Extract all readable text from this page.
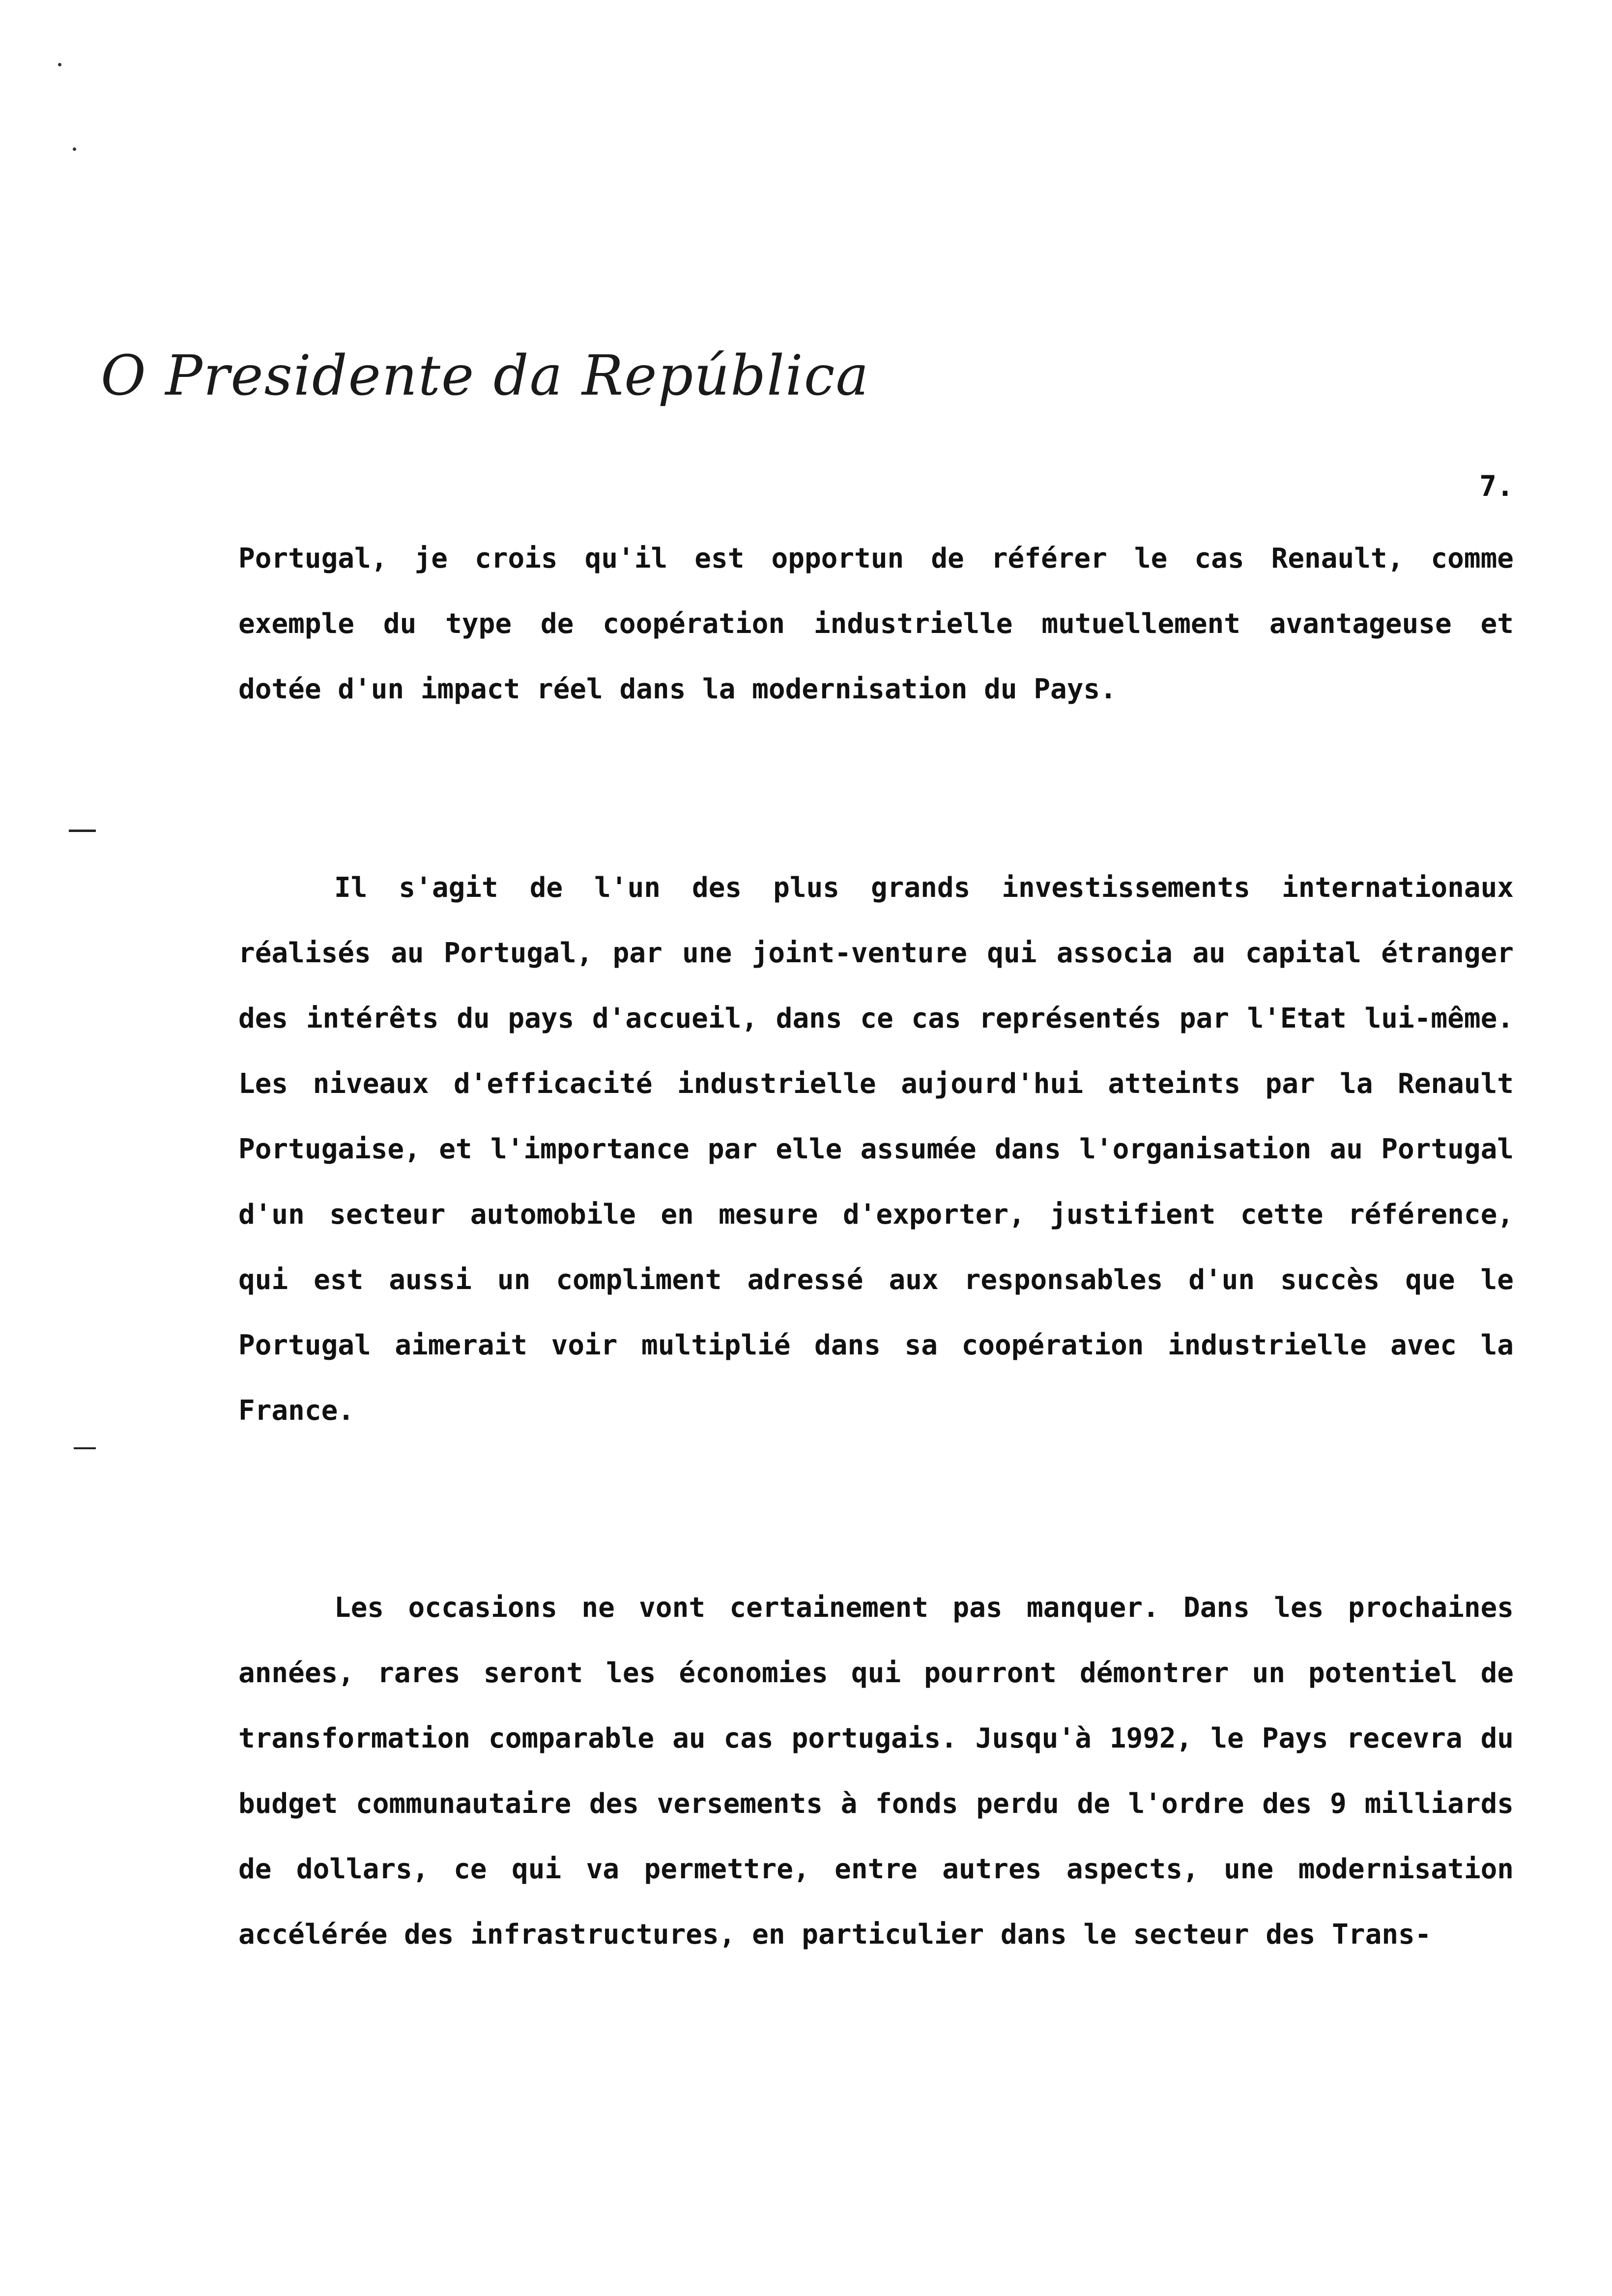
O Presidente da República
7.

Portugal, je crois qu'il est opportun de référer le cas Renault, comme exemple du type de coopération industrielle mutuellement avantageuse et dotée d'un impact réel dans la modernisation du Pays.

Il s'agit de l'un des plus grands investissements internationaux réalisés au Portugal, par une joint-venture qui associa au capital étranger des intérêts du pays d'accueil, dans ce cas représentés par l'Etat lui-même. Les niveaux d'efficacité industrielle aujourd'hui atteints par la Renault Portugaise, et l'importance par elle assumée dans l'organisation au Portugal d'un secteur automobile en mesure d'exporter, justifient cette référence, qui est aussi un compliment adressé aux responsables d'un succès que le Portugal aimerait voir multiplié dans sa coopération industrielle avec la France.

Les occasions ne vont certainement pas manquer. Dans les prochaines années, rares seront les économies qui pourront démontrer un potentiel de transformation comparable au cas portugais. Jusqu'à 1992, le Pays recevra du budget communautaire des versements à fonds perdu de l'ordre des 9 milliards de dollars, ce qui va permettre, entre autres aspects, une modernisation accélérée des infrastructures, en particulier dans le secteur des Trans-
